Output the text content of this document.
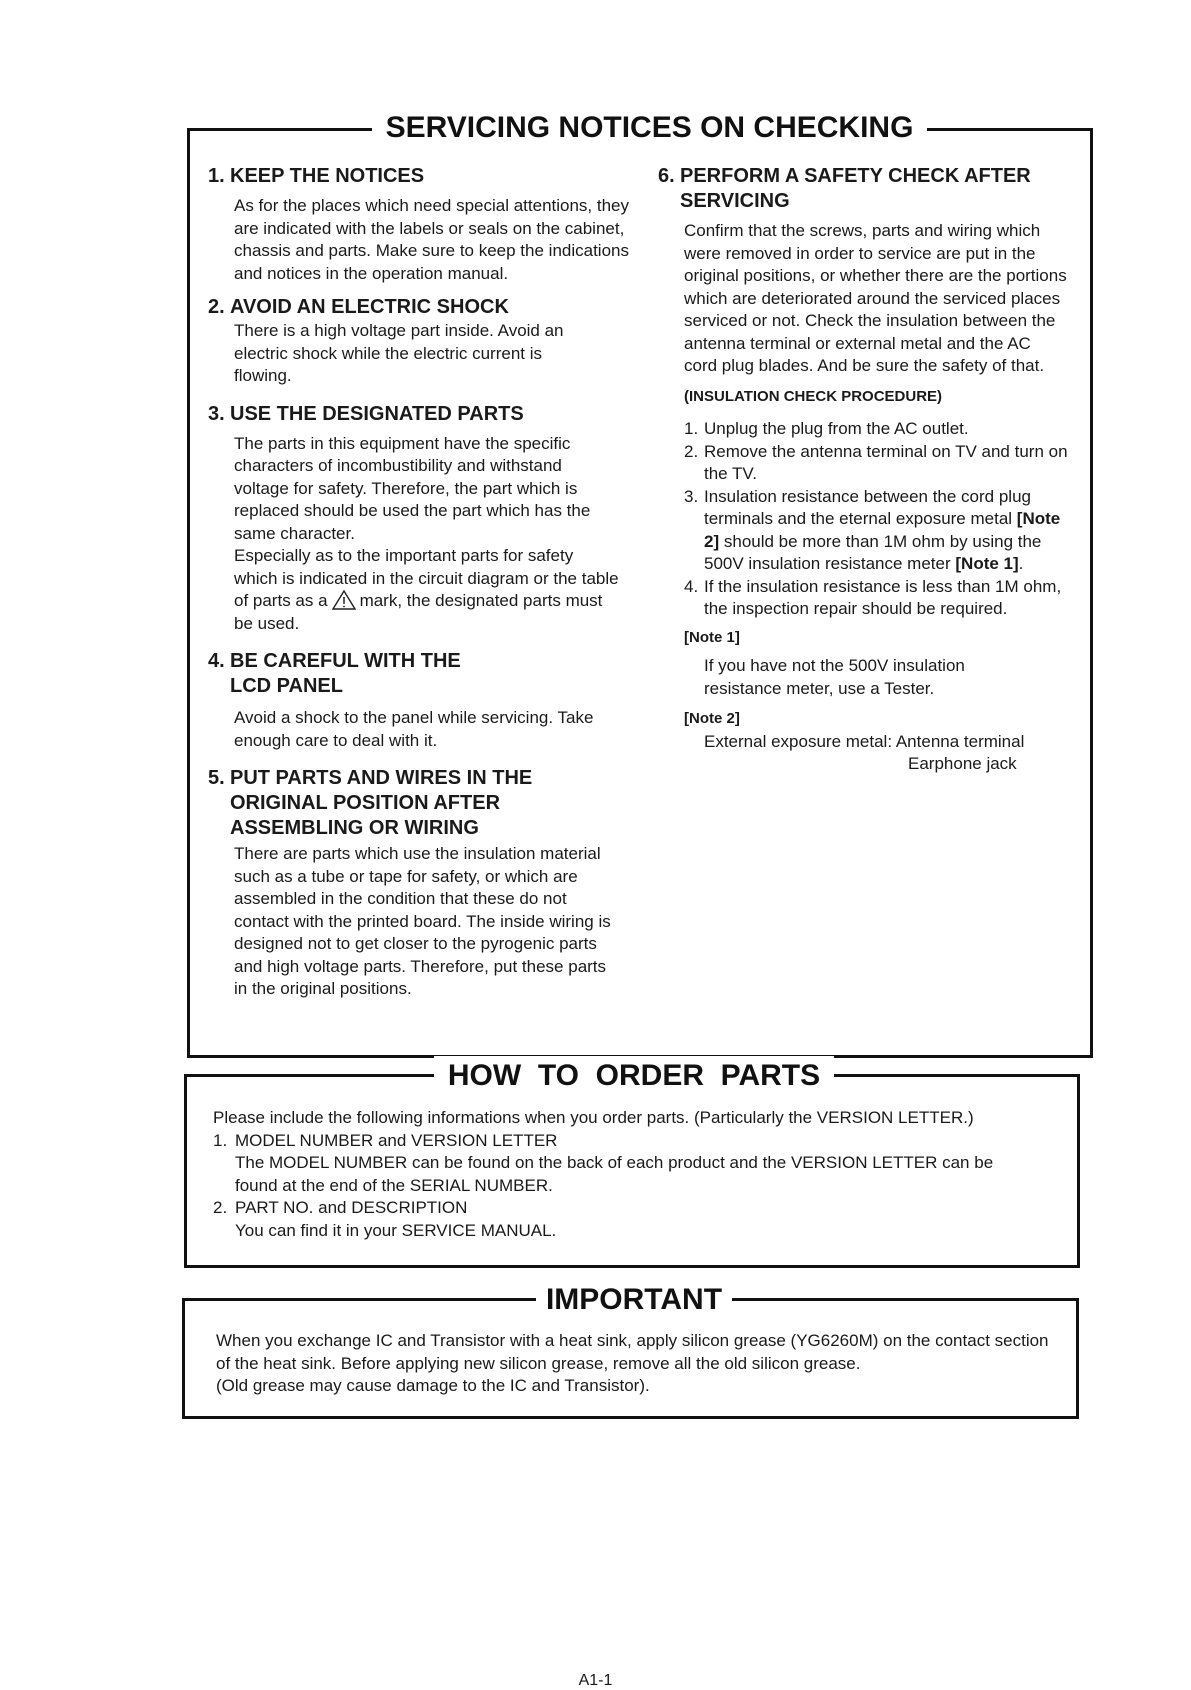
SERVICING NOTICES ON CHECKING

1. KEEP THE NOTICES

As for the places which need special attentions, they are indicated with the labels or seals on the cabinet, chassis and parts. Make sure to keep the indications and notices in the operation manual.

2. AVOID AN ELECTRIC SHOCK

There is a high voltage part inside. Avoid an electric shock while the electric current is flowing.

3. USE THE DESIGNATED PARTS

The parts in this equipment have the specific characters of incombustibility and withstand voltage for safety. Therefore, the part which is replaced should be used the part which has the same character.

Especially as to the important parts for safety which is indicated in the circuit diagram or the table of parts as a mark, the designated parts must be used.

4. BE CAREFUL WITH THE
LCD PANEL

Avoid a shock to the panel while servicing. Take enough care to deal with it.

5. PUT PARTS AND WIRES IN THE
ORIGINAL POSITION AFTER
ASSEMBLING OR WIRING

There are parts which use the insulation material such as a tube or tape for safety, or which are assembled in the condition that these do not contact with the printed board. The inside wiring is designed not to get closer to the pyrogenic parts and high voltage parts. Therefore, put these parts in the original positions.

6. PERFORM A SAFETY CHECK AFTER
SERVICING

Confirm that the screws, parts and wiring which were removed in order to service are put in the original positions, or whether there are the portions which are deteriorated around the serviced places serviced or not. Check the insulation between the antenna terminal or external metal and the AC cord plug blades. And be sure the safety of that.

(INSULATION CHECK PROCEDURE)

1. Unplug the plug from the AC outlet.
2. Remove the antenna terminal on TV and turn on the TV.
3. Insulation resistance between the cord plug terminals and the eternal exposure metal [Note 2] should be more than 1M ohm by using the 500V insulation resistance meter [Note 1].
4. If the insulation resistance is less than 1M ohm, the inspection repair should be required.

[Note 1]

If you have not the 500V insulation resistance meter, use a Tester.

[Note 2]

External exposure metal: Antenna terminal
Earphone jack
HOW  TO  ORDER  PARTS

Please include the following informations when you order parts. (Particularly the VERSION LETTER.)

1. MODEL NUMBER and VERSION LETTER

The MODEL NUMBER can be found on the back of each product and the VERSION LETTER can be found at the end of the SERIAL NUMBER.

2. PART NO. and DESCRIPTION

You can find it in your SERVICE MANUAL.

IMPORTANT

When you exchange IC and Transistor with a heat sink, apply silicon grease (YG6260M) on the contact section of the heat sink. Before applying new silicon grease, remove all the old silicon grease.

(Old grease may cause damage to the IC and Transistor).

A1-1
